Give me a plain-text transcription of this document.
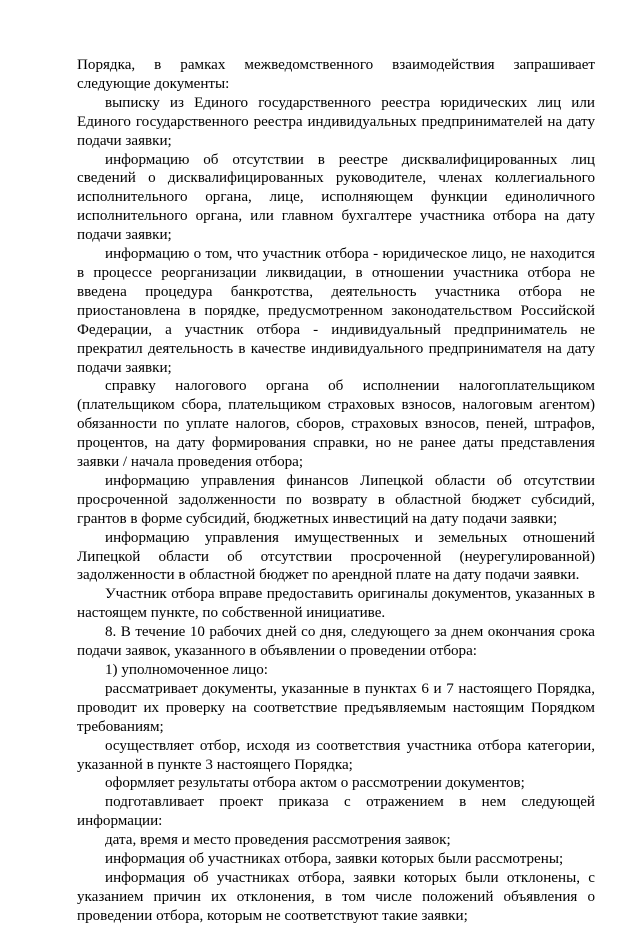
Порядка, в рамках межведомственного взаимодействия запрашивает следующие документы:

выписку из Единого государственного реестра юридических лиц или Единого государственного реестра индивидуальных предпринимателей на дату подачи заявки;

информацию об отсутствии в реестре дисквалифицированных лиц сведений о дисквалифицированных руководителе, членах коллегиального исполнительного органа, лице, исполняющем функции единоличного исполнительного органа, или главном бухгалтере участника отбора на дату подачи заявки;

информацию о том, что участник отбора - юридическое лицо, не находится в процессе реорганизации ликвидации, в отношении участника отбора не введена процедура банкротства, деятельность участника отбора не приостановлена в порядке, предусмотренном законодательством Российской Федерации, а участник отбора - индивидуальный предприниматель не прекратил деятельность в качестве индивидуального предпринимателя на дату подачи заявки;

справку налогового органа об исполнении налогоплательщиком (плательщиком сбора, плательщиком страховых взносов, налоговым агентом) обязанности по уплате налогов, сборов, страховых взносов, пеней, штрафов, процентов, на дату формирования справки, но не ранее даты представления заявки / начала проведения отбора;

информацию управления финансов Липецкой области об отсутствии просроченной задолженности по возврату в областной бюджет субсидий, грантов в форме субсидий, бюджетных инвестиций на дату подачи заявки;

информацию управления имущественных и земельных отношений Липецкой области об отсутствии просроченной (неурегулированной) задолженности в областной бюджет по арендной плате на дату подачи заявки.

Участник отбора вправе предоставить оригиналы документов, указанных в настоящем пункте, по собственной инициативе.

8. В течение 10 рабочих дней со дня, следующего за днем окончания срока подачи заявок, указанного в объявлении о проведении отбора:

1) уполномоченное лицо:

рассматривает документы, указанные в пунктах 6 и 7 настоящего Порядка, проводит их проверку на соответствие предъявляемым настоящим Порядком требованиям;

осуществляет отбор, исходя из соответствия участника отбора категории, указанной в пункте 3 настоящего Порядка;

оформляет результаты отбора актом о рассмотрении документов;

подготавливает проект приказа с отражением в нем следующей информации:

дата, время и место проведения рассмотрения заявок;

информация об участниках отбора, заявки которых были рассмотрены;

информация об участниках отбора, заявки которых были отклонены, с указанием причин их отклонения, в том числе положений объявления о проведении отбора, которым не соответствуют такие заявки;
